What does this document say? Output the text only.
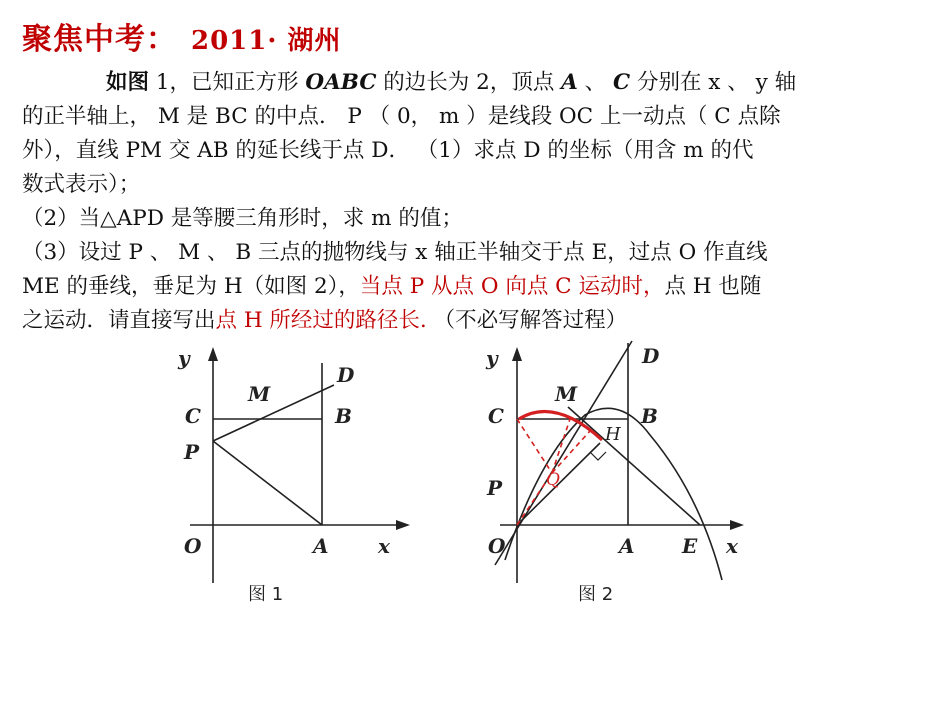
聚焦中考： 2011· 湖州

如图 1，已知正方形 OABC 的边长为 2，顶点 A 、 C 分别在 x 、 y 轴

的正半轴上， M 是 BC 的中点． P （ 0， m ）是线段 OC 上一动点（ C 点除

外），直线 PM 交 AB 的延长线于点 D． （1）求点 D 的坐标（用含 m 的代

数式表示）；

（2）当△APD 是等腰三角形时，求 m 的值；

（3）设过 P 、 M 、 B 三点的抛物线与 x 轴正半轴交于点 E，过点 O 作直线

ME 的垂线，垂足为 H（如图 2），当点 P 从点 O 向点 C 运动时，点 H 也随

之运动．请直接写出点 H 所经过的路径长. （不必写解答过程）

y
M
D
C	B
P
O	A x
图 1
y
M
D
C	B
P
O	A E x
H
Q
图 2
